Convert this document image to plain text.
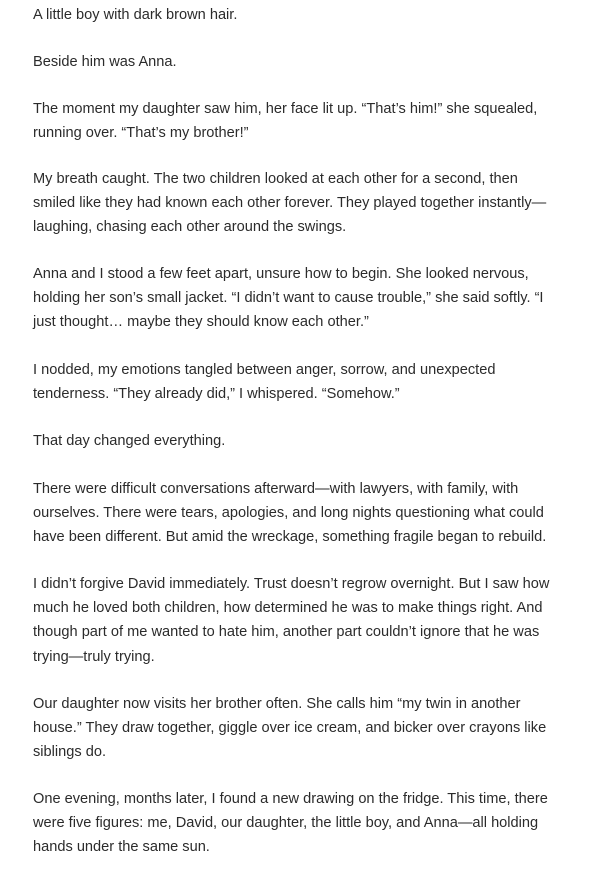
A little boy with dark brown hair.

Beside him was Anna.

The moment my daughter saw him, her face lit up. “That’s him!” she squealed,
running over. “That’s my brother!”

My breath caught. The two children looked at each other for a second, then
smiled like they had known each other forever. They played together instantly—
laughing, chasing each other around the swings.

Anna and I stood a few feet apart, unsure how to begin. She looked nervous,
holding her son’s small jacket. “I didn’t want to cause trouble,” she said softly. “I
just thought… maybe they should know each other.”

I nodded, my emotions tangled between anger, sorrow, and unexpected
tenderness. “They already did,” I whispered. “Somehow.”

That day changed everything.

There were difficult conversations afterward—with lawyers, with family, with
ourselves. There were tears, apologies, and long nights questioning what could
have been different. But amid the wreckage, something fragile began to rebuild.

I didn’t forgive David immediately. Trust doesn’t regrow overnight. But I saw how
much he loved both children, how determined he was to make things right. And
though part of me wanted to hate him, another part couldn’t ignore that he was
trying—truly trying.

Our daughter now visits her brother often. She calls him “my twin in another
house.” They draw together, giggle over ice cream, and bicker over crayons like
siblings do.

One evening, months later, I found a new drawing on the fridge. This time, there
were five figures: me, David, our daughter, the little boy, and Anna—all holding
hands under the same sun.
